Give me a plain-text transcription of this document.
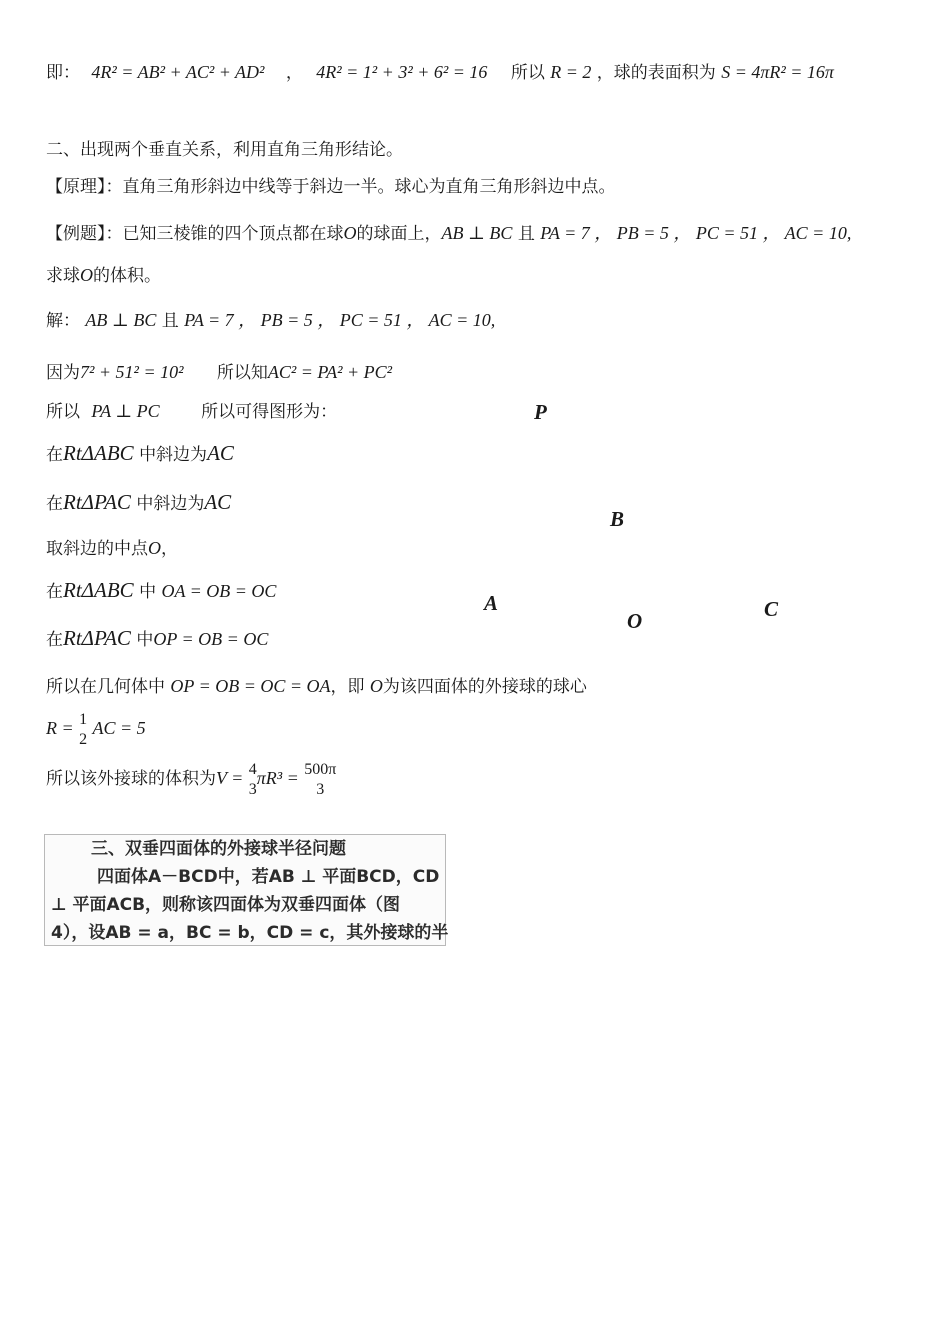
即： 4R² = AB² + AC² + AD² ， 4R² = 1² + 3² + 6² = 16 所以 R = 2 ，球的表面积为 S = 4πR² = 16π
二、出现两个垂直关系，利用直角三角形结论。
【原理】：直角三角形斜边中线等于斜边一半。球心为直角三角形斜边中点。
【例题】：已知三棱锥的四个顶点都在球O的球面上，AB ⊥ BC 且 PA = 7 ， PB = 5 ， PC = 51 ， AC = 10,
求球O的体积。
解： AB ⊥ BC 且 PA = 7 ， PB = 5 ， PC = 51 ， AC = 10,
因为7² + 51² = 10² 所以知AC² = PA² + PC²
所以 PA ⊥ PC 所以可得图形为：
在RtΔABC 中斜边为AC
在RtΔPAC 中斜边为AC
取斜边的中点O，
在RtΔABC 中 OA = OB = OC
在RtΔPAC 中OP = OB = OC
所以在几何体中 OP = OB = OC = OA，即 O为该四面体的外接球的球心
R = 1
2
AC = 5
所以该外接球的体积为V = 4
3
πR³ = 500π
3
P
B
A
O	C
三、双垂四面体的外接球半径问题
四面体A－BCD中，若AB ⊥ 平面BCD，CD
⊥ 平面ACB，则称该四面体为双垂四面体（图
4），设AB = a，BC = b，CD = c，其外接球的半
